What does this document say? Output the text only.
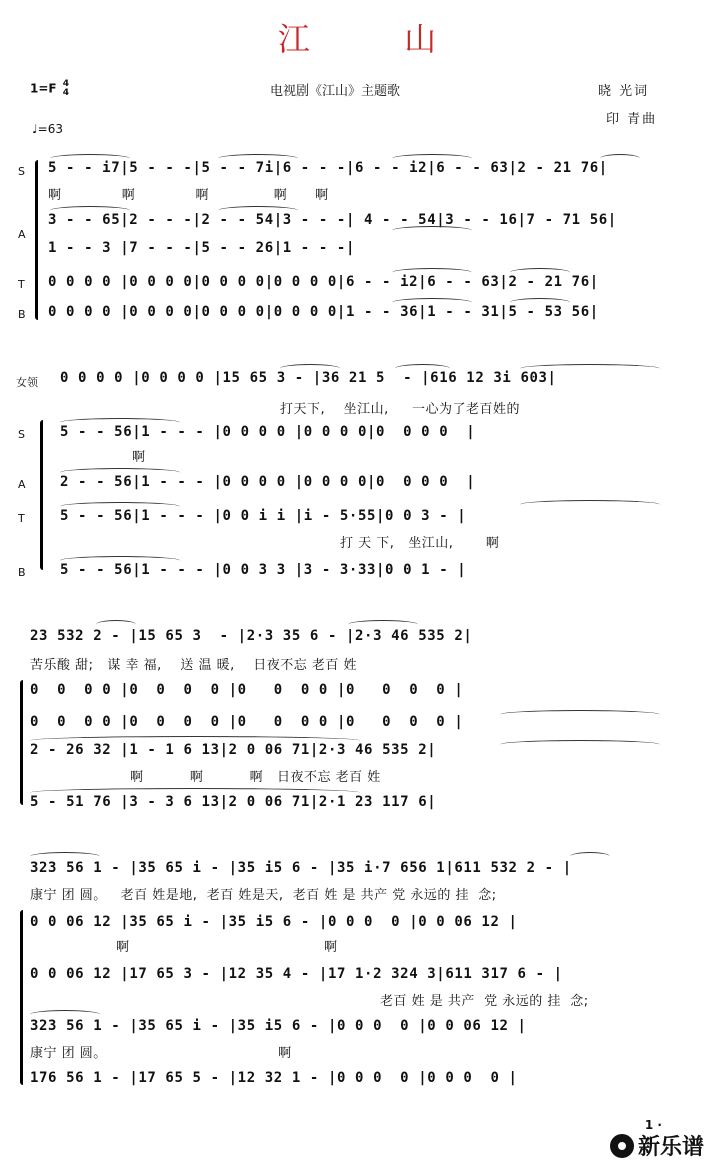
江 山
1=F 4
4	电视剧《江山》主题歌	晓 光词
印 青曲
♩=63
S 5 - - i7|5 - - -|5 - - 7i|6 - - -|6 - - i2|6 - - 63|2 - 21 76|
啊             啊             啊              啊      啊
A
3 - - 65|2 - - -|2 - - 54|3 - - -| 4 - - 54|3 - - 16|7 - 71 56|
1 - - 3 |7 - - -|5 - - 26|1 - - -|
T 0 0 0 0 |0 0 0 0|0 0 0 0|0 0 0 0|6 - - i2|6 - - 63|2 - 21 76|
B 0 0 0 0 |0 0 0 0|0 0 0 0|0 0 0 0|1 - - 36|1 - - 31|5 - 53 56|
女领 0 0 0 0 |0 0 0 0 |15 65 3 - |36 21 5  - |616 12 3i 603|
打天下,    坐江山,     一心为了老百姓的
S	5 - - 56|1 - - - |0 0 0 0 |0 0 0 0|0  0 0 0  |
啊
A 2 - - 56|1 - - - |0 0 0 0 |0 0 0 0|0  0 0 0  |
T	5 - - 56|1 - - - |0 0 i i |i - 5·55|0 0 3 - |
打 天 下,   坐江山,       啊
B 5 - - 56|1 - - - |0 0 3 3 |3 - 3·33|0 0 1 - |
23 532 2 - |15 65 3  - |2·3 35 6 - |2·3 46 535 2|
苦乐酸 甜;   谋 幸 福,    送 温 暖,    日夜不忘 老百 姓
0  0  0 0 |0  0  0  0 |0   0  0 0 |0   0  0  0 |
0  0  0 0 |0  0  0  0 |0   0  0 0 |0   0  0  0 |
2 - 26 32 |1 - 1 6 13|2 0 06 71|2·3 46 535 2|
啊          啊          啊   日夜不忘 老百 姓
5 - 51 76 |3 - 3 6 13|2 0 06 71|2·1 23 117 6|
323 56 1 - |35 65 i - |35 i5 6 - |35 i·7 656 1|611 532 2 - |
康宁 团 圆。   老百 姓是地,  老百 姓是天,  老百 姓 是 共产 党 永远的 挂  念;
0 0 06 12 |35 65 i - |35 i5 6 - |0 0 0  0 |0 0 06 12 |
啊                                          啊
0 0 06 12 |17 65 3 - |12 35 4 - |17 1·2 324 3|611 317 6 - |
老百 姓 是 共产  党 永远的 挂  念;
323 56 1 - |35 65 i - |35 i5 6 - |0 0 0  0 |0 0 06 12 |
康宁 团 圆。                                     啊
176 56 1 - |17 65 5 - |12 32 1 - |0 0 0  0 |0 0 0  0 |
1 ·
新乐谱
